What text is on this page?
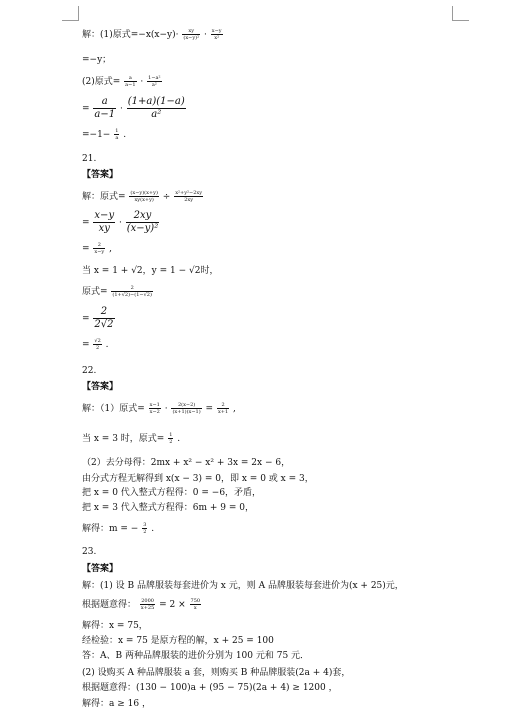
解：(1)原式$=-x(x-y)\cdot \frac{xy}{\text{(x−y)²}} \cdot \frac{x-y}{\text{x²}}$
=−y；
(2)原式= $\frac{a}{a-1} \cdot \frac{\text{1−a²}}{\text{a²}}$
= $\frac{a}{a-1} \cdot \frac{(1+a)(1-a)}{\text{a²}}$
$=-1- \frac{1}{a}$ .
21.
【答案】
解：原式= $\frac{(x-y)(x+y)}{xy(x+y)} \div \frac{\text{x²+y²−2xy}}{2xy}$
= $\frac{x-y}{xy} \cdot \frac{2xy}{\text{(x−y)²}}$
= $\frac{2}{x-y}$ ,
当 x = 1 + √2，y = 1 − √2时，
原式= $\frac{2}{(1+√2)-(1-√2)}$
= $\frac{2}{2√2}$
= $\frac{√2}{2}$ .
22.
【答案】
解：（1）原式= $\frac{x-1}{x-2} \cdot \frac{2(x-2)}{(x+1)(x-1)} = \frac{2}{x+1}$ ,
当 x = 3 时，原式= $\frac{1}{2}$ .
（2）去分母得：2mx + x² − x² + 3x = 2x − 6，
由分式方程无解得到 x(x − 3) = 0，即 x = 0 或 x = 3，
把 x = 0 代入整式方程得：0 = −6，矛盾，
把 x = 3 代入整式方程得：6m + 9 = 0，
解得：m = − $\frac{3}{2}$ .
23.
【答案】
解：(1) 设 B 品牌服装每套进价为 x 元，则 A 品牌服装每套进价为(x + 25)元，
根据题意得： $\frac{2000}{x+25} = 2 \times \frac{750}{x}$
解得：x = 75，
经检验：x = 75 是原方程的解，x + 25 = 100
答：A、B 两种品牌服装的进价分别为 100 元和 75 元．
(2) 设购买 A 种品牌服装 a 套，则购买 B 种品牌服装(2a + 4)套，
根据题意得：(130 − 100)a + (95 − 75)(2a + 4) ≥ 1200 ，
解得：a ≥ 16 ，
